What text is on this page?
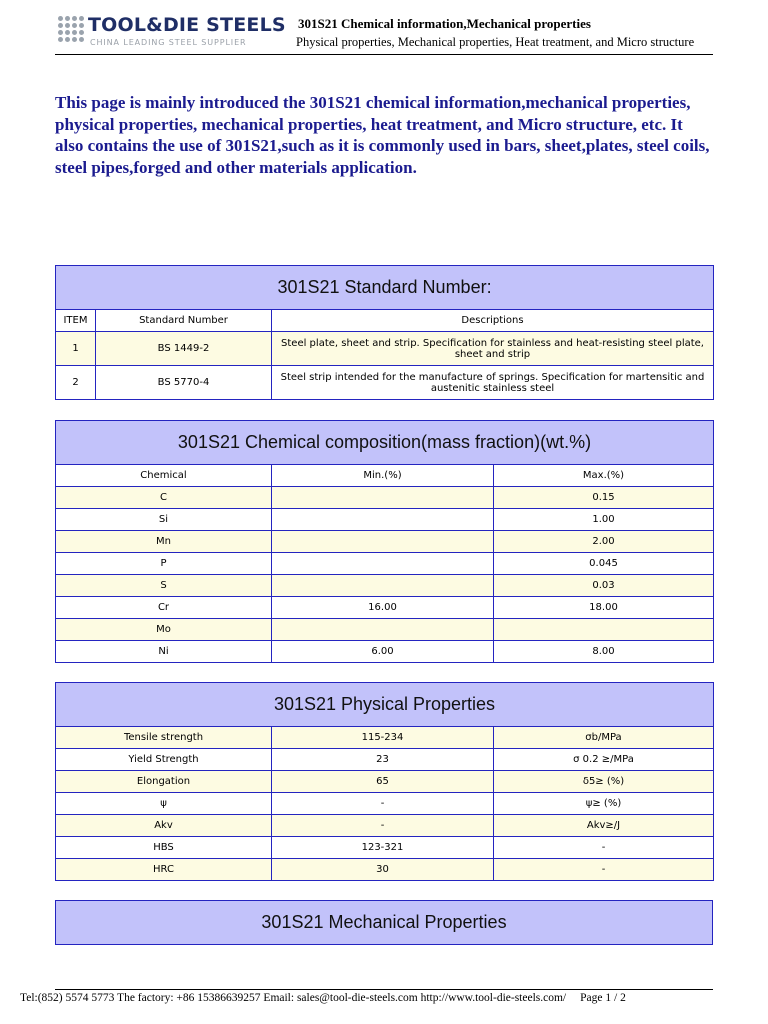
TOOL&DIE STEELS
CHINA LEADING STEEL SUPPLIER
301S21 Chemical information,Mechanical properties
Physical properties, Mechanical properties, Heat treatment, and Micro structure
This page is mainly introduced the 301S21 chemical information,mechanical properties, physical properties, mechanical properties, heat treatment, and Micro structure, etc. It also contains the use of 301S21,such as it is commonly used in bars, sheet,plates, steel coils, steel pipes,forged and other materials application.
301S21 Standard Number:		
ITEM	Standard Number	Descriptions
1	BS 1449-2	Steel plate, sheet and strip. Specification for stainless and heat-resisting steel plate, sheet and strip
2	BS 5770-4	Steel strip intended for the manufacture of springs. Specification for martensitic and austenitic stainless steel
301S21 Chemical composition(mass fraction)(wt.%)		
Chemical	Min.(%)	Max.(%)
C		0.15
Si		1.00
Mn		2.00
P		0.045
S		0.03
Cr	16.00	18.00
Mo		
Ni	6.00	8.00
301S21 Physical Properties		
Tensile strength	115-234	σb/MPa
Yield Strength	23	σ 0.2 ≥/MPa
Elongation	65	δ5≥ (%)
ψ	-	ψ≥ (%)
Akv	-	Akv≥/J
HBS	123-321	-
HRC	30	-
301S21 Mechanical Properties
Tel:(852) 5574 5773 The factory: +86 15386639257 Email: sales@tool-die-steels.com http://www.tool-die-steels.com/ Page 1 / 2
